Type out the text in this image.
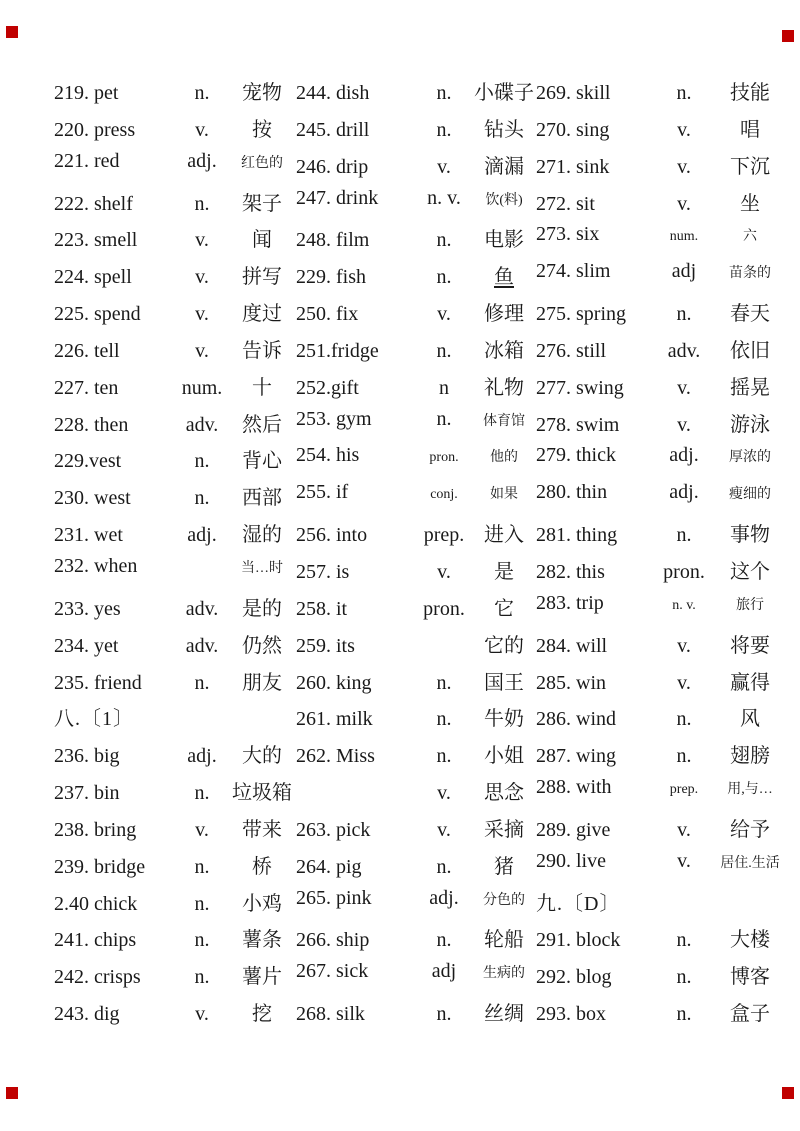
219. pet	n.	宠物
220. press	v.	按
221. red	adj.	红色的
222. shelf	n.	架子
223. smell	v.	闻
224. spell	v.	拼写
225. spend	v.	度过
226. tell	v.	告诉
227. ten	num.	十
228. then	adv.	然后
229.vest	n.	背心
230. west	n.	西部
231. wet	adj.	湿的
232. when	当…时
233. yes	adv.	是的
234. yet	adv.	仍然
235. friend	n.	朋友
八.〔1〕
236. big	adj.	大的
237. bin	n.	垃圾箱
238. bring	v.	带来
239. bridge	n.	桥
2.40 chick	n.	小鸡
241. chips	n.	薯条
242. crisps	n.	薯片
243. dig	v.	挖
244. dish	n.	小碟子
245. drill	n.	钻头
246. drip	v.	滴漏
247. drink	n. v.	饮(料)
248. film	n.	电影
229. fish	n.	鱼
250. fix	v.	修理
251.fridge	n.	冰箱
252.gift	n	礼物
253. gym	n.	体育馆
254. his	pron.	他的
255. if	conj.	如果
256. into	prep. 进入
257. is	v.	是
258. it	pron.	它
259. its	它的
260. king	n.	国王
261. milk	n.	牛奶
262. Miss	n.	小姐
v.	思念
263. pick	v.	采摘
264. pig	n.	猪
265. pink	adj.	分色的
266. ship	n.	轮船
267. sick	adj	生病的
268. silk	n.	丝绸
269. skill	n.	技能
270. sing	v.	唱
271. sink	v.	下沉
272. sit	v.	坐
273. six	num.	六
274. slim	adj	苗条的
275. spring	n.	春天
276. still	adv.	依旧
277. swing	v.	摇晃
278. swim	v.	游泳
279. thick	adj.	厚浓的
280. thin	adj.	瘦细的
281. thing	n.	事物
282. this	pron.	这个
283. trip	n. v.	旅行
284. will	v.	将要
285. win	v.	赢得
286. wind	n.	风
287. wing	n.	翅膀
288. with	prep.	用,与…
289. give	v.	给予
290. live	v.	居住.生活
九.〔D〕
291. block	n.	大楼
292. blog	n.	博客
293. box	n.	盒子
